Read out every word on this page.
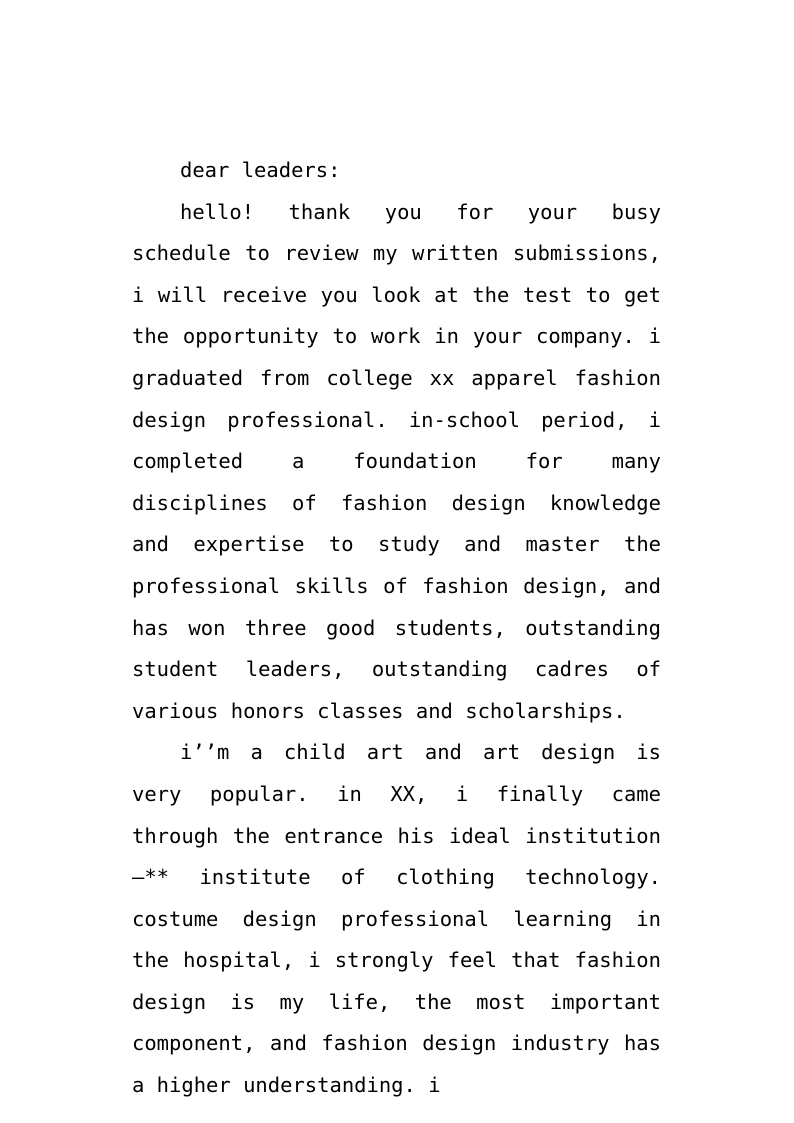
dear leaders:

hello! thank you for your busy schedule to review my written submissions, i will receive you look at the test to get the opportunity to work in your company. i graduated from college xx apparel fashion design professional. in-school period, i completed a foundation for many disciplines of fashion design knowledge and expertise to study and master the professional skills of fashion design, and has won three good students, outstanding student leaders, outstanding cadres of various honors classes and scholarships.

i’’m a child art and art design is very popular. in XX, i finally came through the entrance his ideal institution —** institute of clothing technology. costume design professional learning in the hospital, i strongly feel that fashion design is my life, the most important component, and fashion design industry has a higher understanding. i
